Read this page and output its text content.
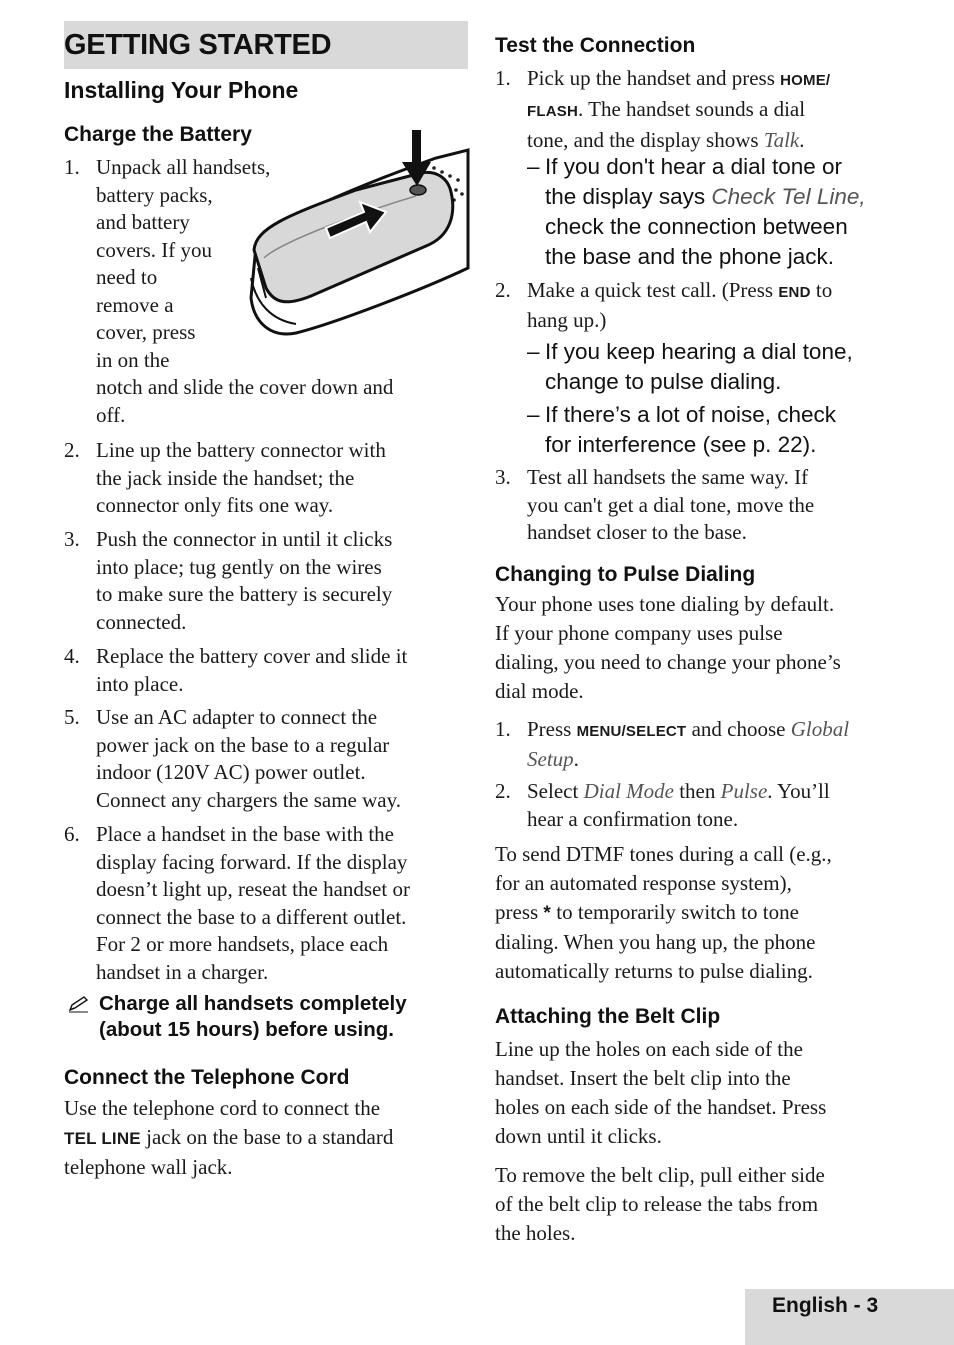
GETTING STARTED
Installing Your Phone
Charge the Battery
1. Unpack all handsets,
battery packs,
and battery
covers. If you
need to
remove a
cover, press
in on the
notch and slide the cover down and
off.
2. Line up the battery connector with
the jack inside the handset; the
connector only fits one way.
3. Push the connector in until it clicks
into place; tug gently on the wires
to make sure the battery is securely
connected.
4. Replace the battery cover and slide it
into place.
5. Use an AC adapter to connect the
power jack on the base to a regular
indoor (120V AC) power outlet.
Connect any chargers the same way.
6. Place a handset in the base with the
display facing forward. If the display
doesn’t light up, reseat the handset or
connect the base to a different outlet.
For 2 or more handsets, place each
handset in a charger.
Charge all handsets completely
(about 15 hours) before using.
Connect the Telephone Cord
Use the telephone cord to connect the
TEL LINE jack on the base to a standard
telephone wall jack.
Test the Connection
1. Pick up the handset and press HOME/
FLASH. The handset sounds a dial
tone, and the display shows Talk.
– If you don't hear a dial tone or
the display says Check Tel Line,
check the connection between
the base and the phone jack.
2. Make a quick test call. (Press END to
hang up.)
– If you keep hearing a dial tone,
change to pulse dialing.
– If there’s a lot of noise, check
for interference (see p. 22).
3. Test all handsets the same way. If
you can't get a dial tone, move the
handset closer to the base.
Changing to Pulse Dialing
Your phone uses tone dialing by default.
If your phone company uses pulse
dialing, you need to change your phone’s
dial mode.
1. Press MENU/SELECT and choose Global
Setup.
2. Select Dial Mode then Pulse. You’ll
hear a confirmation tone.
To send DTMF tones during a call (e.g.,
for an automated response system),
press * to temporarily switch to tone
dialing. When you hang up, the phone
automatically returns to pulse dialing.
Attaching the Belt Clip
Line up the holes on each side of the
handset. Insert the belt clip into the
holes on each side of the handset. Press
down until it clicks.
To remove the belt clip, pull either side
of the belt clip to release the tabs from
the holes.
English - 3
